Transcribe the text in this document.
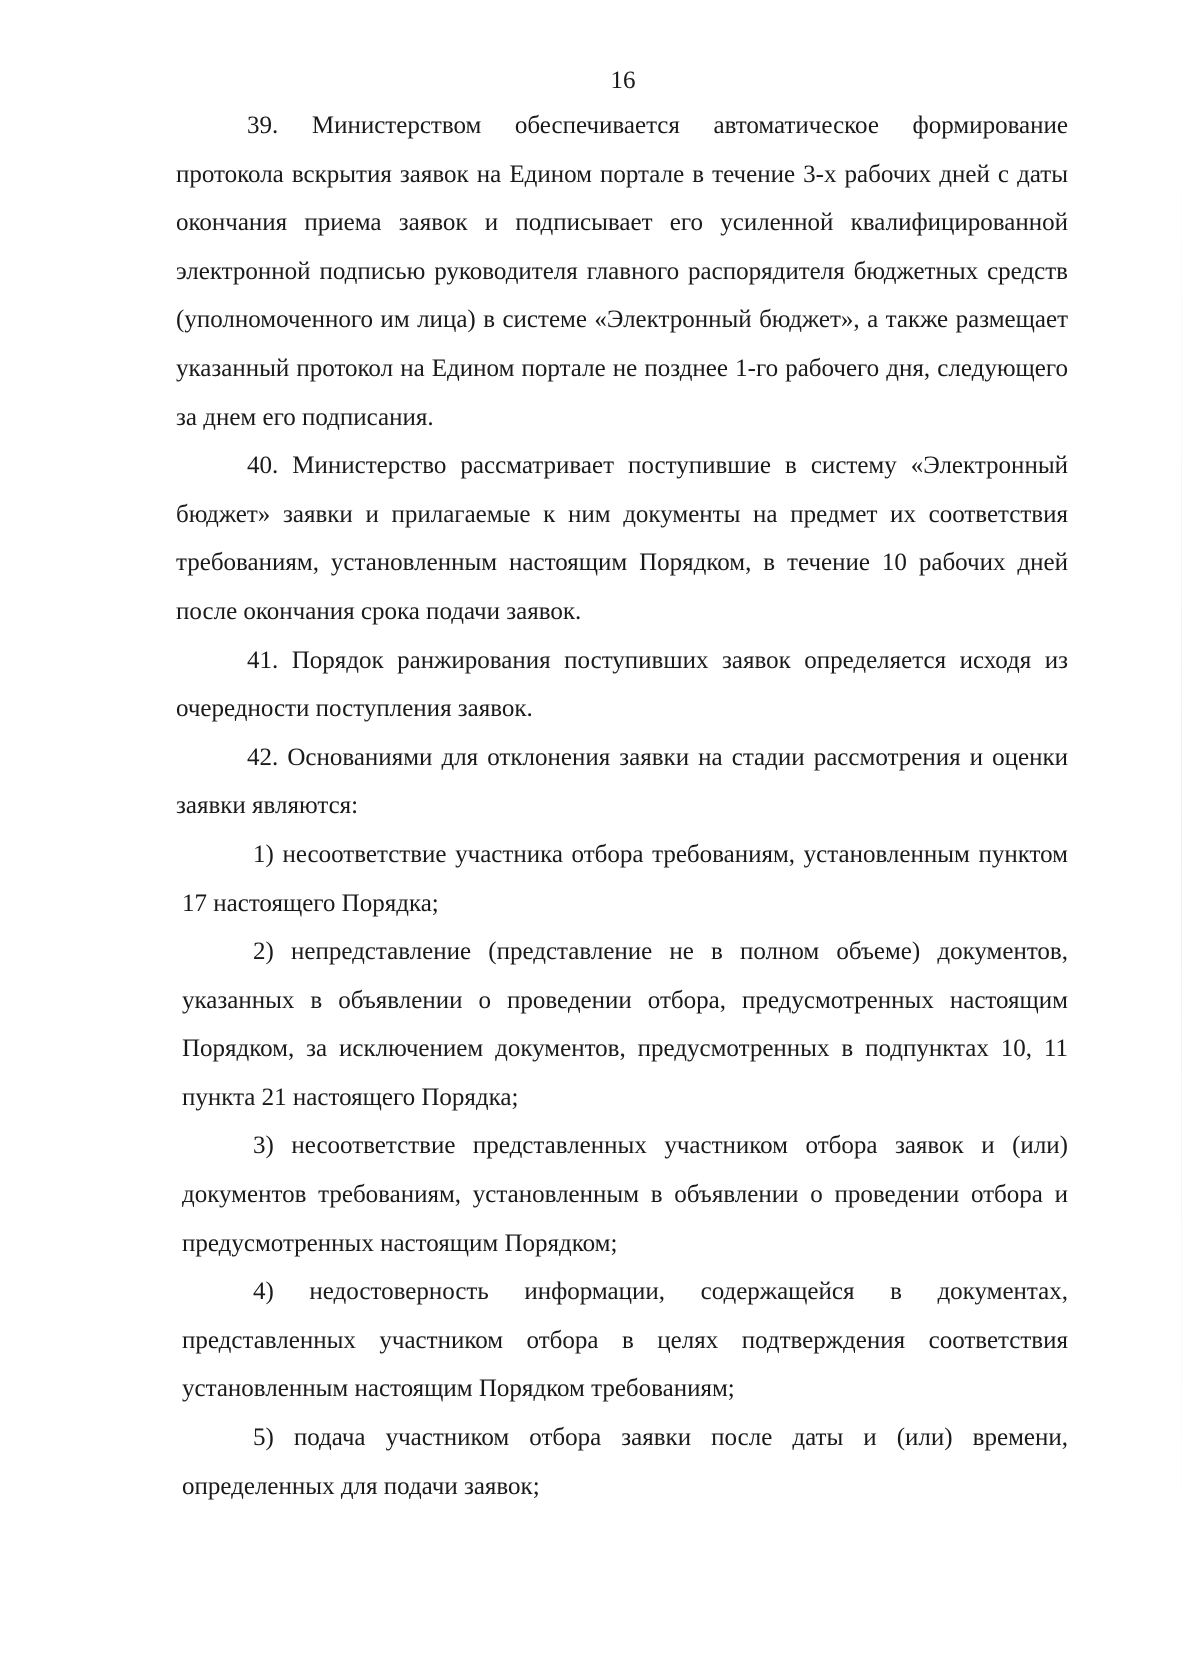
16

39. Министерством обеспечивается автоматическое формирование протокола вскрытия заявок на Едином портале в течение 3-х рабочих дней с даты окончания приема заявок и подписывает его усиленной квалифицированной электронной подписью руководителя главного распорядителя бюджетных средств (уполномоченного им лица) в системе «Электронный бюджет», а также размещает указанный протокол на Едином портале не позднее 1-го рабочего дня, следующего за днем его подписания.

40. Министерство рассматривает поступившие в систему «Электронный бюджет» заявки и прилагаемые к ним документы на предмет их соответствия требованиям, установленным настоящим Порядком, в течение 10 рабочих дней после окончания срока подачи заявок.

41. Порядок ранжирования поступивших заявок определяется исходя из очередности поступления заявок.

42. Основаниями для отклонения заявки на стадии рассмотрения и оценки заявки являются:

1) несоответствие участника отбора требованиям, установленным пунктом 17 настоящего Порядка;

2) непредставление (представление не в полном объеме) документов, указанных в объявлении о проведении отбора, предусмотренных настоящим Порядком, за исключением документов, предусмотренных в подпунктах 10, 11 пункта 21 настоящего Порядка;

3) несоответствие представленных участником отбора заявок и (или) документов требованиям, установленным в объявлении о проведении отбора и предусмотренных настоящим Порядком;

4) недостоверность информации, содержащейся в документах, представленных участником отбора в целях подтверждения соответствия установленным настоящим Порядком требованиям;

5) подача участником отбора заявки после даты и (или) времени, определенных для подачи заявок;
